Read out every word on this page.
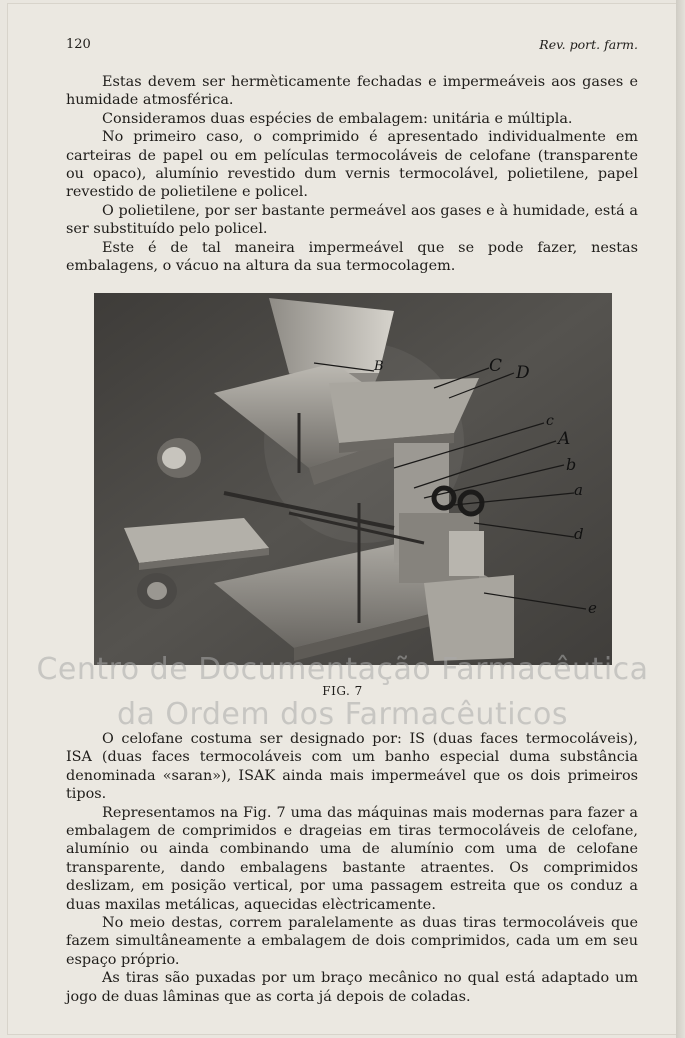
120	Rev. port. farm.

Estas devem ser hermèticamente fechadas e impermeáveis aos gases e humidade atmosférica.

Consideramos duas espécies de embalagem: unitária e múltipla.

No primeiro caso, o comprimido é apresentado individualmente em carteiras de papel ou em películas termocoláveis de celofane (transparente ou opaco), alumínio revestido dum vernis termocolável, polietilene, papel revestido de polietilene e policel.

O polietilene, por ser bastante permeável aos gases e à humidade, está a ser substituído pelo policel.

Este é de tal maneira impermeável que se pode fazer, nestas embalagens, o vácuo na altura da sua termocolagem.

B	C D
c
A
b
a
d
e
Centro de Documentação Farmacêutica
FIG. 7
da Ordem dos Farmacêuticos

O celofane costuma ser designado por: IS (duas faces termocoláveis), ISA (duas faces termocoláveis com um banho especial duma substância denominada «saran»), ISAK ainda mais impermeável que os dois primeiros tipos.

Representamos na Fig. 7 uma das máquinas mais modernas para fazer a embalagem de comprimidos e drageias em tiras termocoláveis de celofane, alumínio ou ainda combinando uma de alumínio com uma de celofane transparente, dando embalagens bastante atraentes. Os comprimidos deslizam, em posição vertical, por uma passagem estreita que os conduz a duas maxilas metálicas, aquecidas elèctricamente.

No meio destas, correm paralelamente as duas tiras termocoláveis que fazem simultâneamente a embalagem de dois comprimidos, cada um em seu espaço próprio.

As tiras são puxadas por um braço mecânico no qual está adaptado um jogo de duas lâminas que as corta já depois de coladas.
